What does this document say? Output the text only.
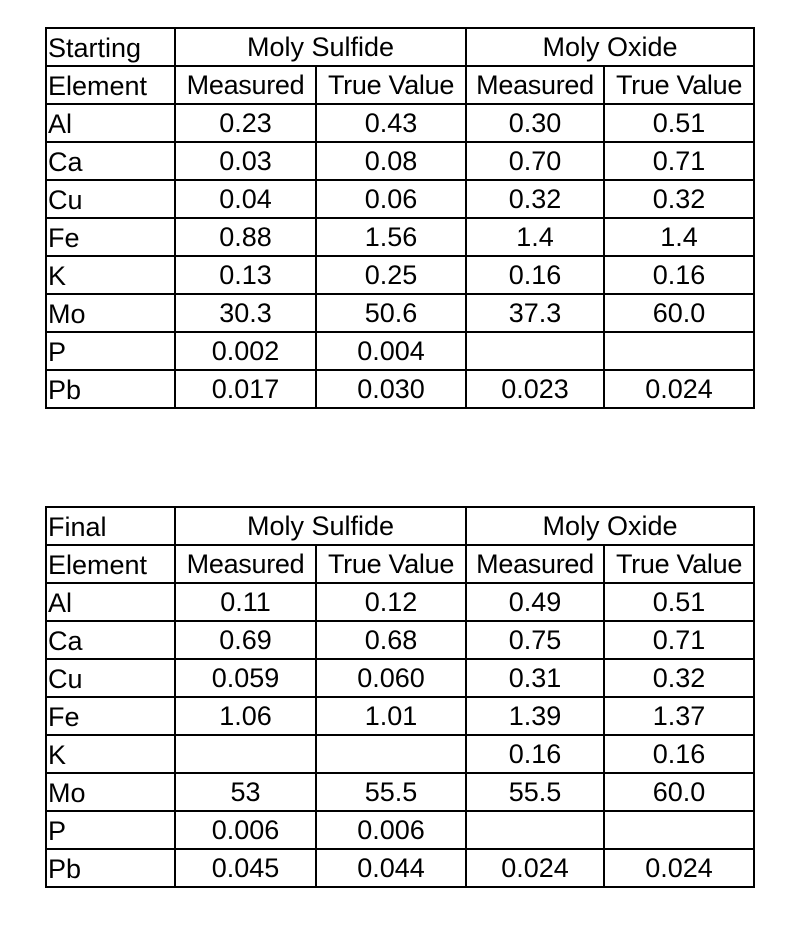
Starting	Moly Sulfide		Moly Oxide	
Element	Measured	True Value	Measured	True Value
Al	0.23	0.43	0.30	0.51
Ca	0.03	0.08	0.70	0.71
Cu	0.04	0.06	0.32	0.32
Fe	0.88	1.56	1.4	1.4
K	0.13	0.25	0.16	0.16
Mo	30.3	50.6	37.3	60.0
P	0.002	0.004		
Pb	0.017	0.030	0.023	0.024
Final	Moly Sulfide		Moly Oxide	
Element	Measured	True Value	Measured	True Value
Al	0.11	0.12	0.49	0.51
Ca	0.69	0.68	0.75	0.71
Cu	0.059	0.060	0.31	0.32
Fe	1.06	1.01	1.39	1.37
K			0.16	0.16
Mo	53	55.5	55.5	60.0
P	0.006	0.006		
Pb	0.045	0.044	0.024	0.024
